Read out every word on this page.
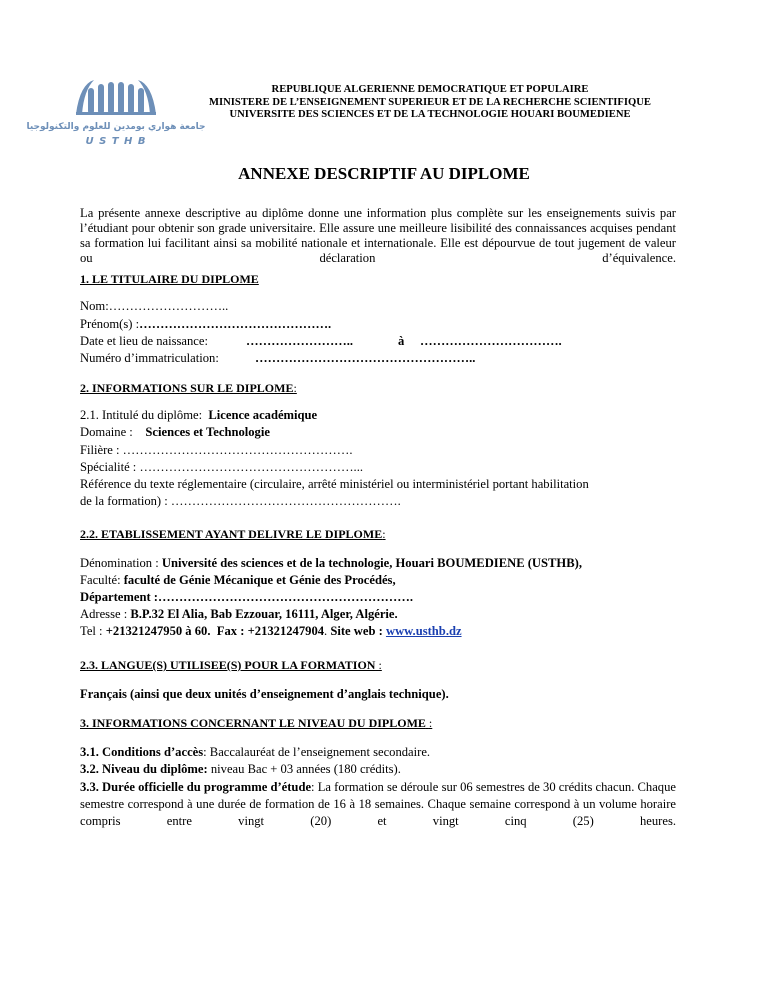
جامعة هواري بومدين للعلوم والتكنولوجيا
U S T H B
REPUBLIQUE ALGERIENNE DEMOCRATIQUE ET POPULAIRE
MINISTERE DE L’ENSEIGNEMENT SUPERIEUR ET DE LA RECHERCHE SCIENTIFIQUE
UNIVERSITE DES SCIENCES ET DE LA TECHNOLOGIE HOUARI BOUMEDIENE
ANNEXE DESCRIPTIF AU DIPLOME
La présente annexe descriptive au diplôme donne une information plus complète sur les enseignements suivis par l’étudiant pour obtenir son grade universitaire. Elle assure une meilleure lisibilité des connaissances acquises pendant sa formation lui facilitant ainsi sa mobilité nationale et internationale. Elle est dépourvue de tout jugement de valeur ou déclaration d’équivalence.
1. LE TITULAIRE DU DIPLOME
Nom:………………………..
Prénom(s) :……………………………………….
Date et lieu de naissance:	……………………..	à …………………………….
Numéro d’immatriculation:	……………………………………………..
2. INFORMATIONS SUR LE DIPLOME:
2.1. Intitulé du diplôme: Licence académique
Domaine : Sciences et Technologie
Filière : ……………………………………………….
Spécialité : ……………………………………………...
Référence du texte réglementaire (circulaire, arrêté ministériel ou interministériel portant habilitation
de la formation) : ……………………………………………….
2.2. ETABLISSEMENT AYANT DELIVRE LE DIPLOME:
Dénomination : Université des sciences et de la technologie, Houari BOUMEDIENE (USTHB),
Faculté: faculté de Génie Mécanique et Génie des Procédés,
Département :…………………………………………………….
Adresse : B.P.32 El Alia, Bab Ezzouar, 16111, Alger, Algérie.
Tel : +21321247950 à 60. Fax : +21321247904. Site web : www.usthb.dz
2.3. LANGUE(S) UTILISEE(S) POUR LA FORMATION :
Français (ainsi que deux unités d’enseignement d’anglais technique).
3. INFORMATIONS CONCERNANT LE NIVEAU DU DIPLOME :
3.1. Conditions d’accès: Baccalauréat de l’enseignement secondaire.
3.2. Niveau du diplôme: niveau Bac + 03 années (180 crédits).
3.3. Durée officielle du programme d’étude: La formation se déroule sur 06 semestres de 30 crédits chacun. Chaque semestre correspond à une durée de formation de 16 à 18 semaines. Chaque semaine correspond à un volume horaire compris entre vingt (20) et vingt cinq (25) heures.
